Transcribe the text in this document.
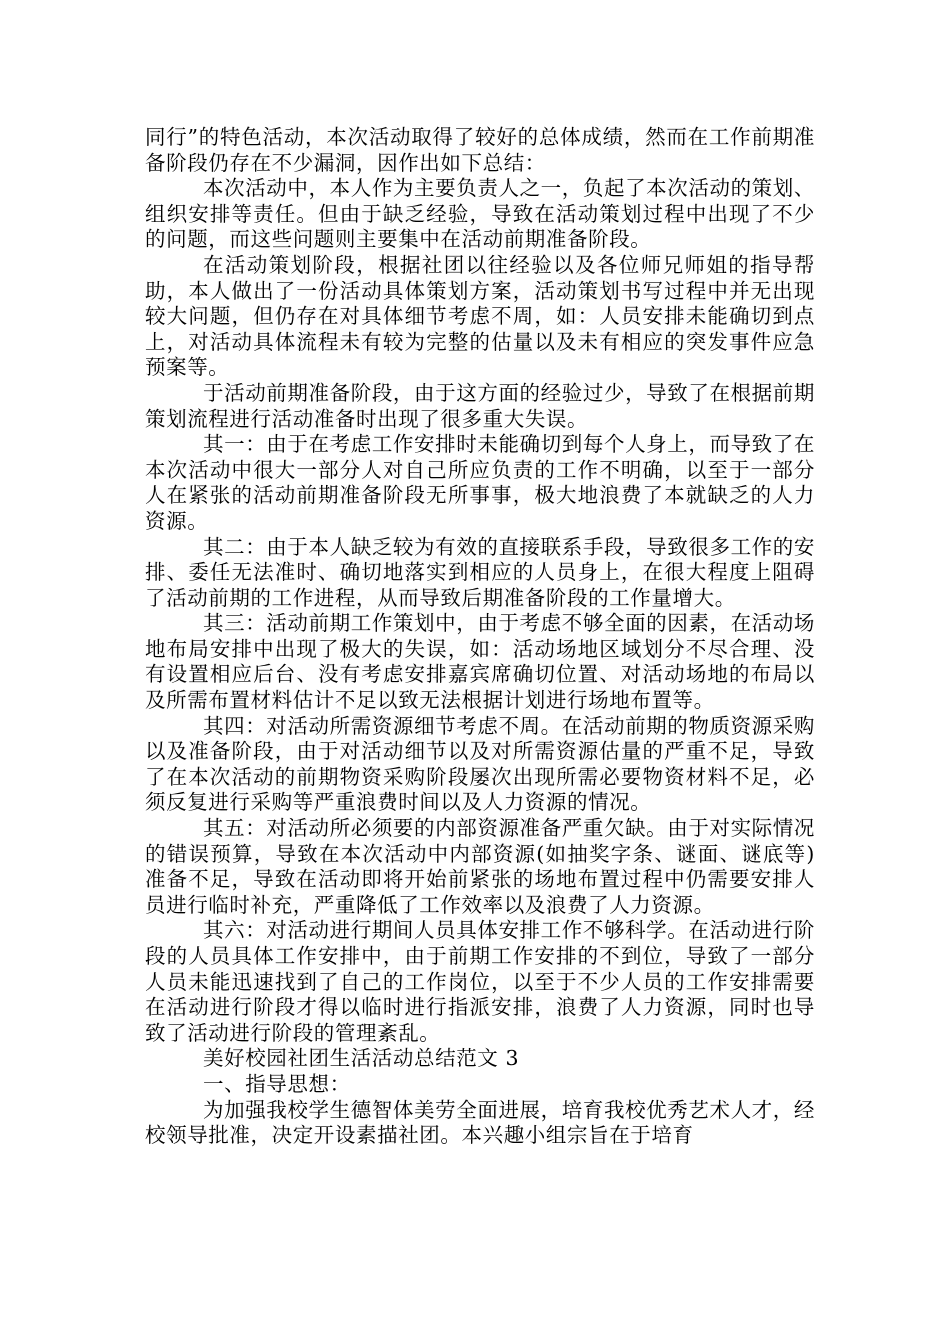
同行”的特色活动，本次活动取得了较好的总体成绩，然而在工作前期准备阶段仍存在不少漏洞，因作出如下总结：

本次活动中，本人作为主要负责人之一，负起了本次活动的策划、组织安排等责任。但由于缺乏经验，导致在活动策划过程中出现了不少的问题，而这些问题则主要集中在活动前期准备阶段。

在活动策划阶段，根据社团以往经验以及各位师兄师姐的指导帮助，本人做出了一份活动具体策划方案，活动策划书写过程中并无出现较大问题，但仍存在对具体细节考虑不周，如：人员安排未能确切到点上，对活动具体流程未有较为完整的估量以及未有相应的突发事件应急预案等。

于活动前期准备阶段，由于这方面的经验过少，导致了在根据前期策划流程进行活动准备时出现了很多重大失误。

其一：由于在考虑工作安排时未能确切到每个人身上，而导致了在本次活动中很大一部分人对自己所应负责的工作不明确，以至于一部分人在紧张的活动前期准备阶段无所事事，极大地浪费了本就缺乏的人力资源。

其二：由于本人缺乏较为有效的直接联系手段，导致很多工作的安排、委任无法准时、确切地落实到相应的人员身上，在很大程度上阻碍了活动前期的工作进程，从而导致后期准备阶段的工作量增大。

其三：活动前期工作策划中，由于考虑不够全面的因素，在活动场地布局安排中出现了极大的失误，如：活动场地区域划分不尽合理、没有设置相应后台、没有考虑安排嘉宾席确切位置、对活动场地的布局以及所需布置材料估计不足以致无法根据计划进行场地布置等。

其四：对活动所需资源细节考虑不周。在活动前期的物质资源采购以及准备阶段，由于对活动细节以及对所需资源估量的严重不足，导致了在本次活动的前期物资采购阶段屡次出现所需必要物资材料不足，必须反复进行采购等严重浪费时间以及人力资源的情况。

其五：对活动所必须要的内部资源准备严重欠缺。由于对实际情况的错误预算，导致在本次活动中内部资源(如抽奖字条、谜面、谜底等)准备不足，导致在活动即将开始前紧张的场地布置过程中仍需要安排人员进行临时补充，严重降低了工作效率以及浪费了人力资源。

其六：对活动进行期间人员具体安排工作不够科学。在活动进行阶段的人员具体工作安排中，由于前期工作安排的不到位，导致了一部分人员未能迅速找到了自己的工作岗位，以至于不少人员的工作安排需要在活动进行阶段才得以临时进行指派安排，浪费了人力资源，同时也导致了活动进行阶段的管理紊乱。

美好校园社团生活活动总结范文 3

一、指导思想：

为加强我校学生德智体美劳全面进展，培育我校优秀艺术人才，经校领导批准，决定开设素描社团。本兴趣小组宗旨在于培育
